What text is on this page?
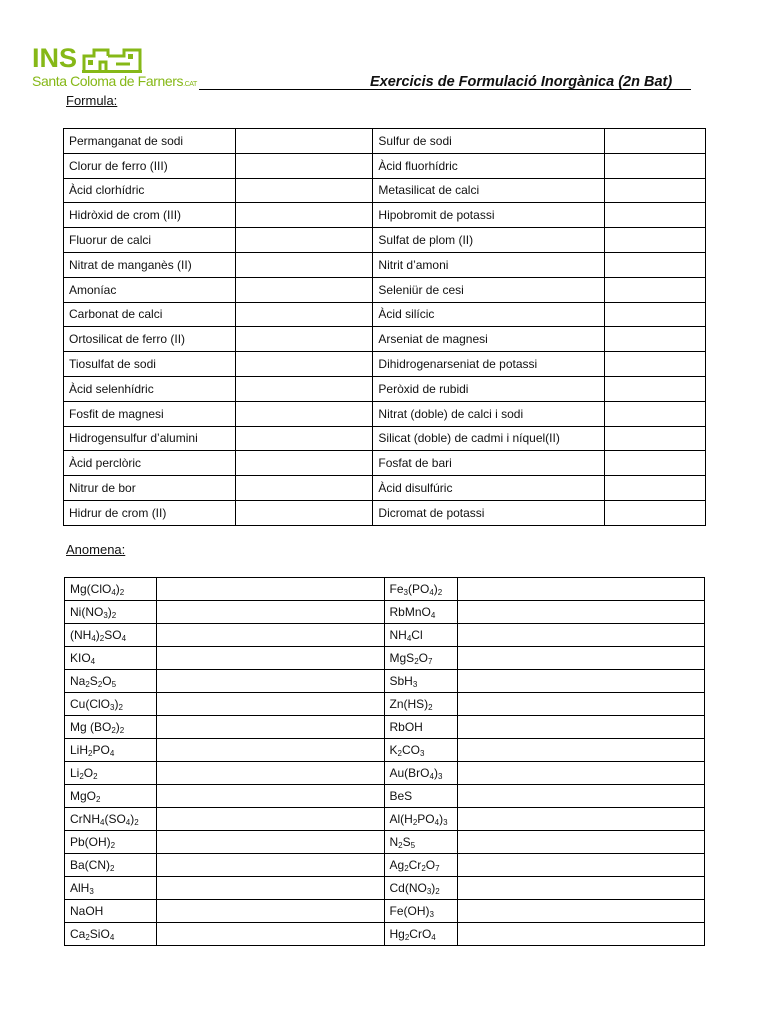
INS
Santa Coloma de Farners.CAT	Exercicis de Formulació Inorgànica (2n Bat)
Formula:
Permanganat de sodi		Sulfur de sodi	
Clorur de ferro (III)		Àcid fluorhídric	
Àcid clorhídric		Metasilicat de calci	
Hidròxid de crom (III)		Hipobromit de potassi	
Fluorur de calci		Sulfat de plom (II)	
Nitrat de manganès (II)		Nitrit d’amoni	
Amoníac		Seleniür de cesi	
Carbonat de calci		Àcid silícic	
Ortosilicat de ferro (II)		Arseniat de magnesi	
Tiosulfat de sodi		Dihidrogenarseniat de potassi	
Àcid selenhídric		Peròxid de rubidi	
Fosfit de magnesi		Nitrat (doble) de calci i sodi	
Hidrogensulfur d’alumini		Silicat (doble) de cadmi i níquel(II)	
Àcid perclòric		Fosfat de bari	
Nitrur de bor		Àcid disulfúric	
Hidrur de crom (II)		Dicromat de potassi	
Anomena:
$Mg(ClO_4)_2$		$Fe_3(PO_4)_2$	
$Ni(NO_3)_2$		RbMnO$_4$	
$(NH_4)_2SO_4$		$NH_4Cl$	
$KIO_4$		$MgS_2O_7$	
$Na_2S_2O_5$		SbH$_3$	
$Cu(ClO_3)_2$		$Zn(HS)_2$	
Mg $(BO_2)_2$		RbOH	
$LiH_2PO_4$		$K_2CO_3$	
$Li_2O_2$		$Au(BrO_4)_3$	
MgO$_2$		BeS	
$CrNH_4(SO_4)_2$		$Al(H_2PO_4)_3$	
$Pb(OH)_2$		$N_2S_5$	
$Ba(CN)_2$		$Ag_2Cr_2O_7$	
AlH$_3$		$Cd(NO_3)_2$	
NaOH		$Fe(OH)_3$	
$Ca_2SiO_4$		$Hg_2CrO_4$	
